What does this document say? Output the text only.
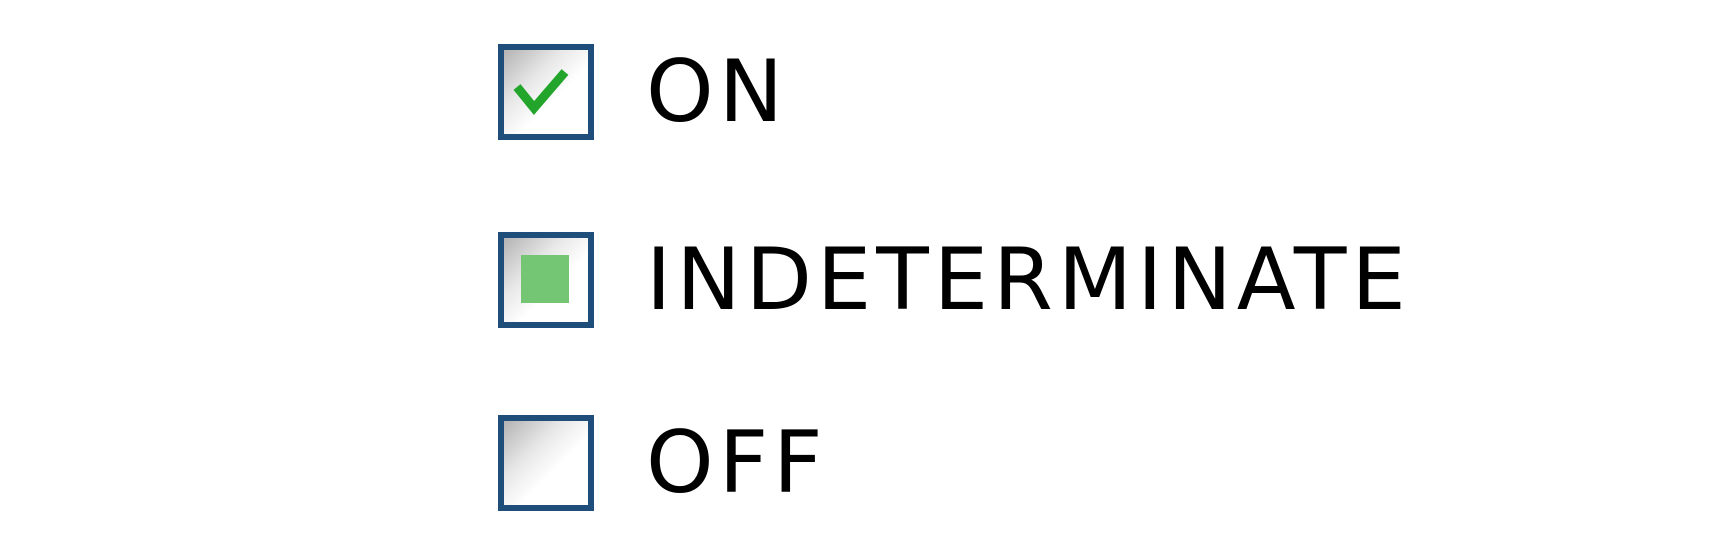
ON
INDETERMINATE
OFF
